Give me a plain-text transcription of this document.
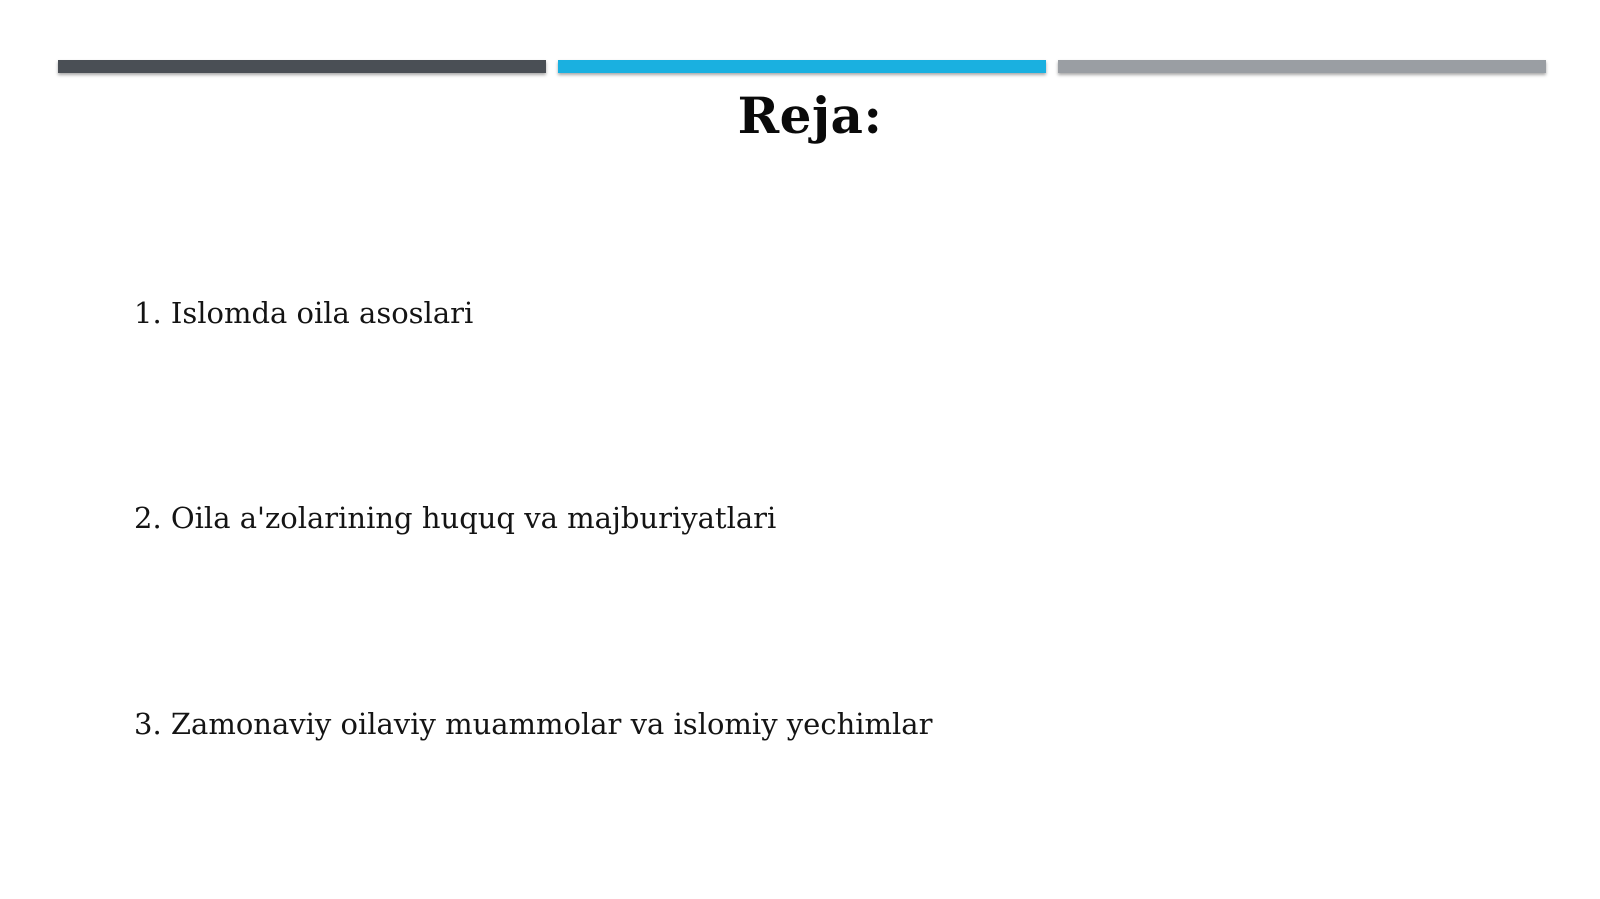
Reja:
1. Islomda oila asoslari
2. Oila a'zolarining huquq va majburiyatlari
3. Zamonaviy oilaviy muammolar va islomiy yechimlar
